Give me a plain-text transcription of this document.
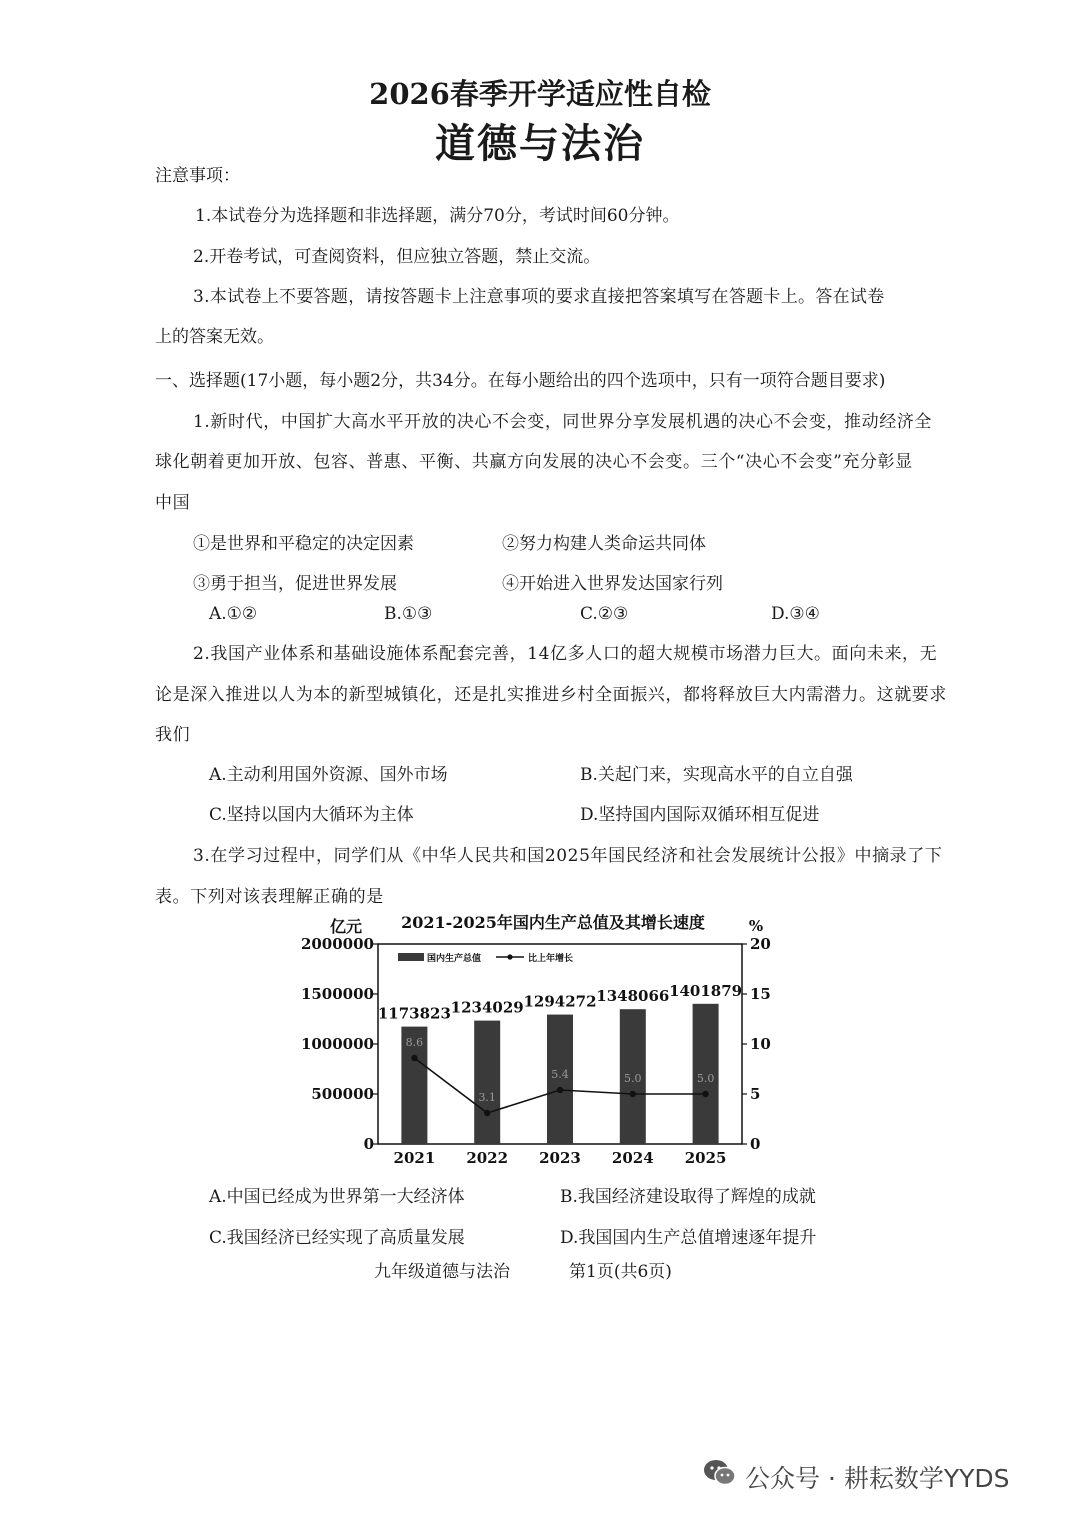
2026春季开学适应性自检
道德与法治
注意事项：
1.本试卷分为选择题和非选择题，满分70分，考试时间60分钟。
2.开卷考试，可查阅资料，但应独立答题，禁止交流。
3.本试卷上不要答题，请按答题卡上注意事项的要求直接把答案填写在答题卡上。答在试卷
上的答案无效。
一、选择题(17小题，每小题2分，共34分。在每小题给出的四个选项中，只有一项符合题目要求)
1.新时代，中国扩大高水平开放的决心不会变，同世界分享发展机遇的决心不会变，推动经济全
球化朝着更加开放、包容、普惠、平衡、共赢方向发展的决心不会变。三个“决心不会变”充分彰显
中国
①是世界和平稳定的决定因素	②努力构建人类命运共同体
③勇于担当，促进世界发展	④开始进入世界发达国家行列
A.①②	B.①③	C.②③	D.③④
2.我国产业体系和基础设施体系配套完善，14亿多人口的超大规模市场潜力巨大。面向未来，无
论是深入推进以人为本的新型城镇化，还是扎实推进乡村全面振兴，都将释放巨大内需潜力。这就要求
我们
A.主动利用国外资源、国外市场	B.关起门来，实现高水平的自立自强
C.坚持以国内大循环为主体	D.坚持国内国际双循环相互促进
3.在学习过程中，同学们从《中华人民共和国2025年国民经济和社会发展统计公报》中摘录了下
表。下列对该表理解正确的是
2021-2025年国内生产总值及其增长速度
亿元	%
0
500000
1000000
1500000
2000000
0
5
10
15
20
1173823
2021
1234029
2022
1294272
2023
1348066
2024
1401879
2025
8.6
3.1
5.4	5.0	5.0
国内生产总值	比上年增长
A.中国已经成为世界第一大经济体	B.我国经济建设取得了辉煌的成就
C.我国经济已经实现了高质量发展	D.我国国内生产总值增速逐年提升
九年级道德与法治	第1页(共6页)
公众号 · 耕耘数学YYDS
